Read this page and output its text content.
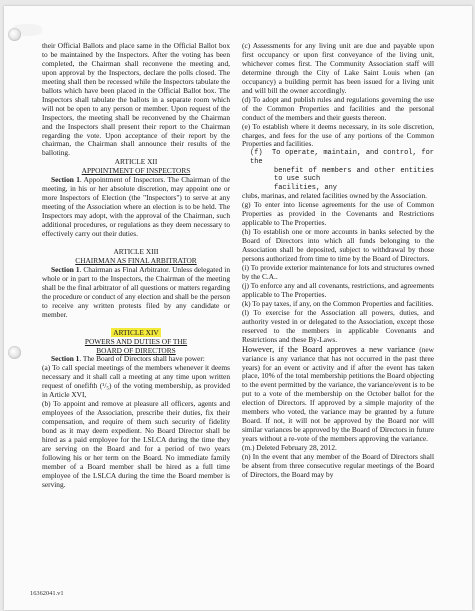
their Official Ballots and place same in the Official Ballot box to be maintained by the Inspectors. After the voting has been completed, the Chairman shall reconvene the meeting and, upon approval by the Inspectors, declare the polls closed. The meeting shall then be recessed while the Inspectors tabulate the ballots which have been placed in the Official Ballot box. The Inspectors shall tabulate the ballots in a separate room which will not be open to any person or member. Upon request of the Inspectors, the meeting shall be reconvened by the Chairman and the Inspectors shall present their report to the Chairman regarding the vote. Upon acceptance of their report by the chairman, the Chairman shall announce their results of the balloting.

ARTICLE XII

APPOINTMENT OF INSPECTORS

Section 1. Appointment of Inspectors. The Chairman of the meeting, in his or her absolute discretion, may appoint one or more Inspectors of Election (the "Inspectors") to serve at any meeting of the Association where an election is to be held. The Inspectors may adopt, with the approval of the Chairman, such additional procedures, or regulations as they deem necessary to effectively carry out their duties.

ARTICLE XIII

CHAIRMAN AS FINAL ARBITRATOR

Section 1. Chairman as Final Arbitrator. Unless delegated in whole or in part to the Inspectors, the Chairman of the meeting shall be the final arbitrator of all questions or matters regarding the procedure or conduct of any election and shall be the person to receive any written protests filed by any candidate or member.

ARTICLE XIV

POWERS AND DUTIES OF THE

BOARD OF DIRECTORS

Section 1. The Board of Directors shall have power:

(a) To call special meetings of the members whenever it deems necessary and it shall call a meeting at any time upon written request of onefifth (¹/₅) of the voting membership, as provided in Article XVI,

(b) To appoint and remove at pleasure all officers, agents and employees of the Association, prescribe their duties, fix their compensation, and require of them such security of fidelity bond as it may deem expedient. No Board Director shall be hired as a paid employee for the LSLCA during the time they are serving on the Board and for a period of two years following his or her term on the Board. No immediate family member of a Board member shall be hired as a full time employee of the LSLCA during the time the Board member is serving.

(c) Assessments for any living unit are due and payable upon first occupancy or upon first conveyance of the living unit, whichever comes first. The Community Association staff will determine through the City of Lake Saint Louis when (an occupancy) a building permit has been issued for a living unit and will bill the owner accordingly.

(d) To adopt and publish rules and regulations governing the use of the Common Properties and facilities and the personal conduct of the members and their guests thereon.

(e) To establish where it deems necessary, in its sole discretion, charges, and fees for the use of any portions of the Common Properties and facilities.

(f) To operate, maintain, and control, for the
benefit of members and other entities to use such
facilities, any

clubs, marinas, and related facilities owned by the Association.

(g) To enter into license agreements for the use of Common Properties as provided in the Covenants and Restrictions applicable to The Properties.

(h) To establish one or more accounts in banks selected by the Board of Directors into which all funds belonging to the Association shall be deposited, subject to withdrawal by those persons authorized from time to time by the Board of Directors.

(i) To provide exterior maintenance for lots and structures owned by the C.A..

(j) To enforce any and all covenants, restrictions, and agreements applicable to The Properties.

(k) To pay taxes, if any, on the Common Properties and facilities.

(l) To exercise for the Association all powers, duties, and authority vested in or delegated to the Association, except those reserved to the members in applicable Covenants and Restrictions and these By-Laws.

However, if the Board approves a new variance (new variance is any variance that has not occurred in the past three years) for an event or activity and if after the event has taken place, 10% of the total membership petitions the Board objecting to the event permitted by the variance, the variance/event is to be put to a vote of the membership on the October ballot for the election of Directors. If approved by a simple majority of the members who voted, the variance may be granted by a future Board. If not, it will not be approved by the Board nor will similar variances be approved by the Board of Directors in future years without a re-vote of the members approving the variance.

(m.) Deleted February 28, 2012.

(n) In the event that any member of the Board of Directors shall be absent from three consecutive regular meetings of the Board of Directors, the Board may by

16362041.v1
